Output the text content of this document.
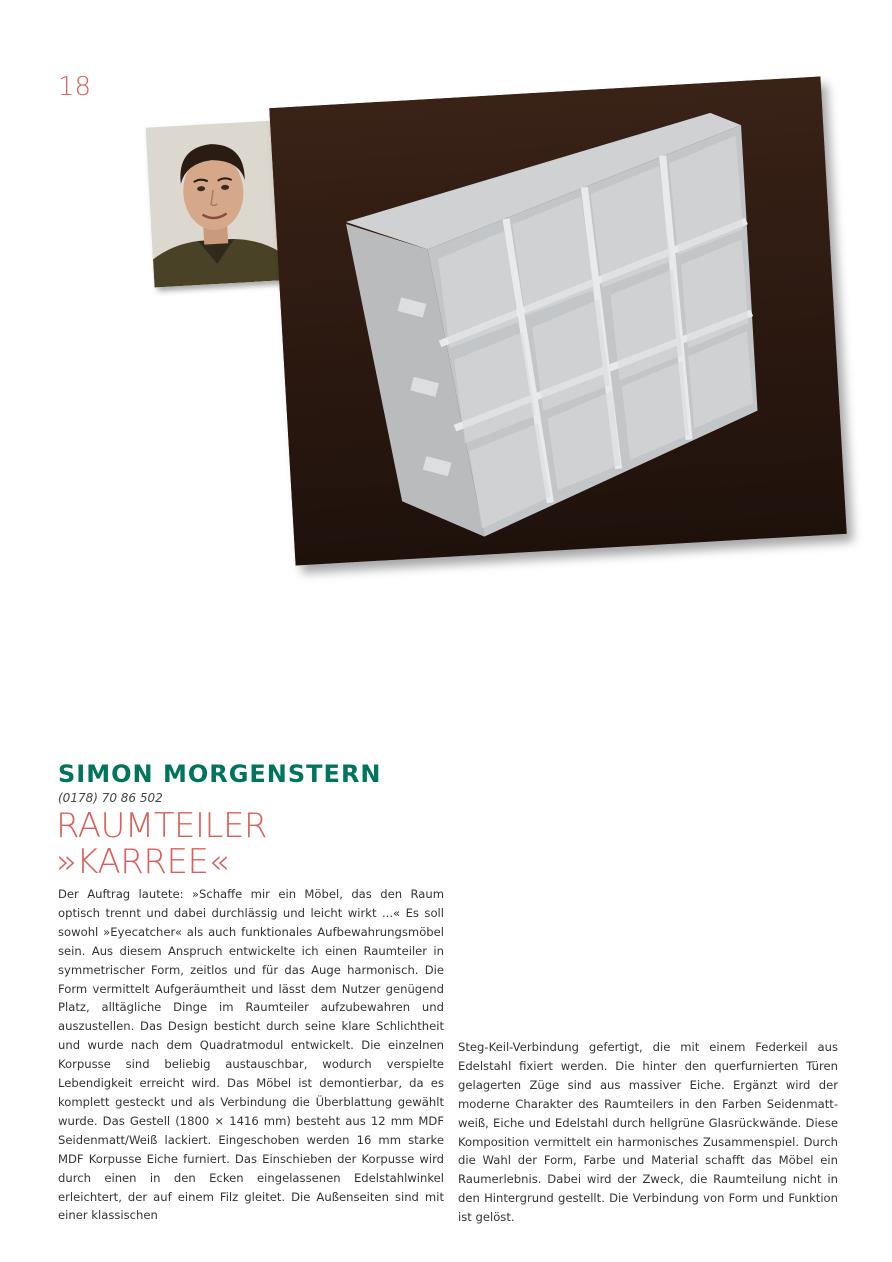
18
SIMON MORGENSTERN
(0178) 70 86 502
RAUMTEILER
»KARREE«
Der Auftrag lautete: »Schaffe mir ein Möbel, das den Raum optisch trennt und dabei durchlässig und leicht wirkt ...« Es soll sowohl »Eyecatcher« als auch funktionales Aufbewahrungsmöbel sein. Aus diesem Anspruch entwickelte ich einen Raumteiler in symmetrischer Form, zeitlos und für das Auge harmonisch. Die Form vermittelt Aufgeräumtheit und lässt dem Nutzer genügend Platz, alltägliche Dinge im Raumteiler aufzubewahren und auszustellen. Das Design besticht durch seine klare Schlichtheit und wurde nach dem Quadratmodul entwickelt. Die einzelnen Korpusse sind beliebig austauschbar, wodurch verspielte Lebendigkeit erreicht wird. Das Möbel ist demontierbar, da es komplett gesteckt und als Verbindung die Überblattung gewählt wurde. Das Gestell (1800 × 1416 mm) besteht aus 12 mm MDF Seidenmatt/Weiß lackiert. Eingeschoben werden 16 mm starke MDF Korpusse Eiche furniert. Das Einschieben der Korpusse wird durch einen in den Ecken eingelassenen Edelstahlwinkel erleichtert, der auf einem Filz gleitet. Die Außenseiten sind mit einer klassischen
Steg-Keil-Verbindung gefertigt, die mit einem Federkeil aus Edelstahl fixiert werden. Die hinter den querfurnierten Türen gelagerten Züge sind aus massiver Eiche. Ergänzt wird der moderne Charakter des Raumteilers in den Farben Seidenmatt-weiß, Eiche und Edelstahl durch hellgrüne Glasrückwände. Diese Komposition vermittelt ein harmonisches Zusammenspiel. Durch die Wahl der Form, Farbe und Material schafft das Möbel ein Raumerlebnis. Dabei wird der Zweck, die Raumteilung nicht in den Hintergrund gestellt. Die Verbindung von Form und Funktion ist gelöst.
